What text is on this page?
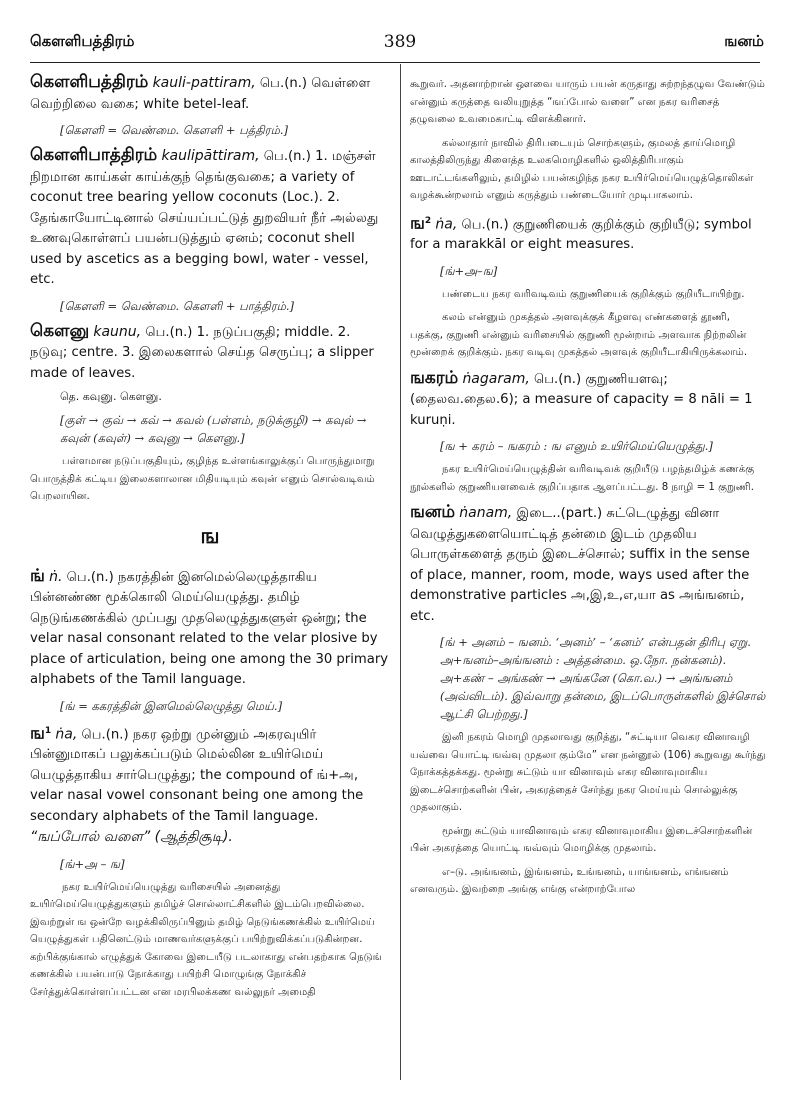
கௌளிபத்திரம்	389	ஙனம்
கௌளிபத்திரம் kauli-pattiram, பெ.(n.) வெள்ளை வெற்றிலை வகை; white betel-leaf.
[கௌளி = வெண்மை. கௌளி + பத்திரம்.]
கௌளிபாத்திரம் kaulipāttiram, பெ.(n.) 1. மஞ்சள் நிறமான காய்கள் காய்க்குந் தெங்குவகை; a variety of coconut tree bearing yellow coconuts (Loc.). 2. தேங்காயோட்டினால் செய்யப்பட்டுத் துறவியர் நீர் அல்லது உணவுகொள்ளப் பயன்படுத்தும் ஏனம்; coconut shell used by ascetics as a begging bowl, water - vessel, etc.
[கௌளி = வெண்மை. கௌளி + பாத்திரம்.]
கௌனு kaunu, பெ.(n.) 1. நடுப்பகுதி; middle. 2. நடுவு; centre. 3. இலைகளால் செய்த செருப்பு; a slipper made of leaves.
தெ. கவுனு. கௌனு.
[குள் → குவ் → கவ் → கவல் (பள்ளம், நடுக்குழி) → கவுல் → கவுன் (கவுள்) → கவுனு → கௌனு.]
பள்ளமான நடுப்பகுதியும், குழிந்த உள்ளங்காலுக்குப் பொருந்துமாறு பொருத்திக் கட்டிய இலைகளாலான மிதியடியும் கவுன் எனும் சொல்வடிவம் பெறலாயின.
ங
ங் ṅ. பெ.(n.) நகரத்தின் இனமெல்லெழுத்தாகிய பின்னண்ண மூக்கொலி மெய்யெழுத்து. தமிழ் நெடுங்கணக்கில் முப்பது முதலெழுத்துகளுள் ஒன்று; the velar nasal consonant related to the velar plosive by place of articulation, being one among the 30 primary alphabets of the Tamil language.
[ங் = ககரத்தின் இனமெல்லெழுத்து மெய்.]
ங$^1$ ṅa, பெ.(n.) நகர ஒற்று முன்னும் அகரவுயிர் பின்னுமாகப் பலுக்கப்படும் மெல்லின உயிர்மெய் யெழுத்தாகிய சார்பெழுத்து; the compound of ங்+அ, velar nasal vowel consonant being one among the secondary alphabets of the Tamil language. “ஙப்போல் வளை” (ஆத்திசூடி).
[ங்+அ – ங]
நகர உயிர்மெய்யெழுத்து வரிசையில் அனைத்து உயிர்மெய்யெழுத்துகளும் தமிழ்ச் சொல்லாட்சிகளில் இடம்பெறவில்லை. இவற்றுள் ங ஒன்றே வழக்கிலிருப்பினும் தமிழ் நெடுங்கணக்கில் உயிர்மெய் யெழுத்துகள் பதினெட்டும் மாணவர்களுக்குப் பயிற்றுவிக்கப்படுகின்றன. கற்பிக்குங்கால் எழுத்துக் கோவை இடையீடு படலாகாது என்பதற்காக நெடுங் கணக்கில் பயன்பாடு நோக்காது பயிற்சி மொழுங்கு நோக்கிச் சேர்த்துக்கொள்ளப்பட்டன என மரபிலக்கண வல்லுநர் அமைதி
கூறுவர். அதனாற்றான் ஔவை யாரும் பயன் கருதாது சுற்றந்தழுவ வேண்டும் என்னும் கருத்தை வலியுறுத்த “ஙப்போல் வளை” என நகர வரிசைத் தழுவலை உவமைகாட்டி விளக்கினார்.
கல்லாதார் நாவில் திரிபடையும் சொற்களும், குமலத் தாய்மொழி காலத்திலிருந்து கிளைத்த உலகமொழிகளில் ஒலித்திரிபாகும் ஊடாட்டங்களிலும், தமிழில் பயன்கழிந்த நகர உயிர்மெய்யெழுத்தொலிகள் வழக்கூன்றலாம் எனும் கருத்தும் பண்டையோர் முடிபாகலாம்.
ங$^2$ ṅa, பெ.(n.) குறுணியைக் குறிக்கும் குறியீடு; symbol for a marakkāl or eight measures.
[ங்+அ–ங]
பண்டைய நகர வரிவடிவம் குறுணியைக் குறிக்கும் குறியீடாயிற்று.
கலம் என்னும் முகத்தல் அளவுக்குக் கீழளவு எண்களைத் தூணி, பதக்கு, குறுணி என்னும் வரிசையில் குறுணி மூன்றாம் அளவாக நிற்றலின் மூன்றைக் குறிக்கும். நகர வடிவு முகத்தல் அளவுக் குறியீடாகியிருக்கலாம்.
ஙகரம் ṅagaram, பெ.(n.) குறுணியளவு; (தைலவ.தைல.6); a measure of capacity = 8 nāli = 1 kuruṇi.
[ங + கரம் – ஙகரம் : ங எனும் உயிர்மெய்யெழுத்து.]
நகர உயிர்மெய்யெழுத்தின் வரிவடிவக் குறியீடு பழந்தமிழ்க் கணக்கு நூல்களில் குறுணியளவைக் குறிப்பதாக ஆளப்பட்டது. 8 நாழி = 1 குறுணி.
ஙனம் ṅanam, இடை..(part.) சுட்டெழுத்து வினா வெழுத்துகளையொட்டித் தன்மை இடம் முதலிய பொருள்களைத் தரும் இடைச்சொல்; suffix in the sense of place, manner, room, mode, ways used after the demonstrative particles அ,இ,உ,எ,யா as அங்ஙனம், etc.
[ங் + அனம் – ஙனம். ‘அனம்’ – ‘கனம்’ என்பதன் திரிபு ஏறு. அ+ஙனம்–அங்ஙனம் : அத்தன்மை. ஒ.நோ. நன்கனம்). அ+கண் – அங்கண் → அங்கனே (கொ.வ.) → அங்ஙனம் (அவ்விடம்). இவ்வாறு தன்மை, இடப்பொருள்களில் இச்சொல் ஆட்சி பெற்றது.]
இனி நகரம் மொழி முதலாவது குறித்து, “சுட்டியா வெகர வினாவழி யவ்வை யொட்டி ஙவ்வு முதலா கும்மே” என நன்னூல் (106) கூறுவது கூர்ந்து நோக்கத்தக்கது. மூன்று சுட்டும் யா வினாவும் எகர வினாவுமாகிய இடைச்சொற்களின் பின், அகரத்தைச் சேர்ந்து நகர மெய்யும் சொல்லுக்கு முதலாகும்.
மூன்று சுட்டும் யாவினாவும் எகர வினாவுமாகிய இடைச்சொற்களின் பின் அகரத்தை யொட்டி ஙவ்வும் மொழிக்கு முதலாம்.
எ–டு. அங்ஙனம், இங்ஙனம், உங்ஙனம், யாங்ஙனம், எங்ஙனம் எனவரும். இவற்றை அங்கு எங்கு என்றாற்போல
